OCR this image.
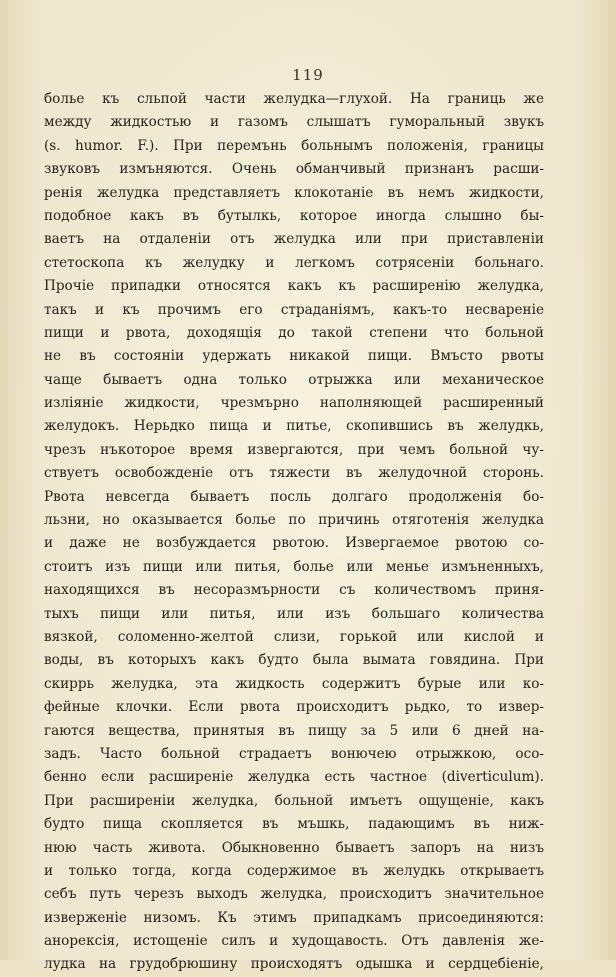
119
болье къ сльпой части желудка—глухой. На границь же
между жидкостью и газомъ слышатъ гуморальный звукъ
(s. humor. F.). При перемънь больнымъ положенія, границы
звуковъ измъняются. Очень обманчивый признанъ расши-
ренія желудка представляетъ клокотаніе въ немъ жидкости,
подобное какъ въ бутылкь, которое иногда слышно бы-
ваетъ на отдаленіи отъ желудка или при приставленіи
стетоскопа къ желудку и легкомъ сотрясеніи больнаго.
Прочіе припадки относятся какъ къ расширенію желудка,
такъ и къ прочимъ его страданіямъ, какъ-то несвареніе
пищи и рвота, доходящія до такой степени что больной
не въ состояніи удержать никакой пищи. Вмъсто рвоты
чаще бываетъ одна только отрыжка или механическое
изліяніе жидкости, чрезмърно наполняющей расширенный
желудокъ. Нерьдко пища и питье, скопившись въ желудкь,
чрезъ нъкоторое время извергаются, при чемъ больной чу-
ствуетъ освобожденіе отъ тяжести въ желудочной сторонь.
Рвота невсегда бываетъ посль долгаго продолженія бо-
льзни, но оказывается болье по причинь отяготенія желудка
и даже не возбуждается рвотою. Извергаемое рвотою со-
стоитъ изъ пищи или питья, болье или менье измъненныхъ,
находящихся въ несоразмърности съ количествомъ приня-
тыхъ пищи или питья, или изъ большаго количества
вязкой, соломенно-желтой слизи, горькой или кислой и
воды, въ которыхъ какъ будто была вымата говядина. При
скиррь желудка, эта жидкость содержитъ бурые или ко-
фейные клочки. Если рвота происходитъ рьдко, то извер-
гаются вещества, принятыя въ пищу за 5 или 6 дней на-
задъ. Часто больной страдаетъ вонючею отрыжкою, осо-
бенно если расширеніе желудка есть частное (diverticulum).
При расширеніи желудка, больной имъетъ ощущеніе, какъ
будто пища скопляется въ мъшкь, падающимъ въ ниж-
нюю часть живота. Обыкновенно бываетъ запоръ на низъ
и только тогда, когда содержимое въ желудкь открываетъ
себъ путь черезъ выходъ желудка, происходитъ значительное
изверженіе низомъ. Къ этимъ припадкамъ присоединяются:
анорексія, истощеніе силъ и худощавость. Отъ давленія же-
лудка на грудобрюшину происходятъ одышка и сердцебіеніе,
